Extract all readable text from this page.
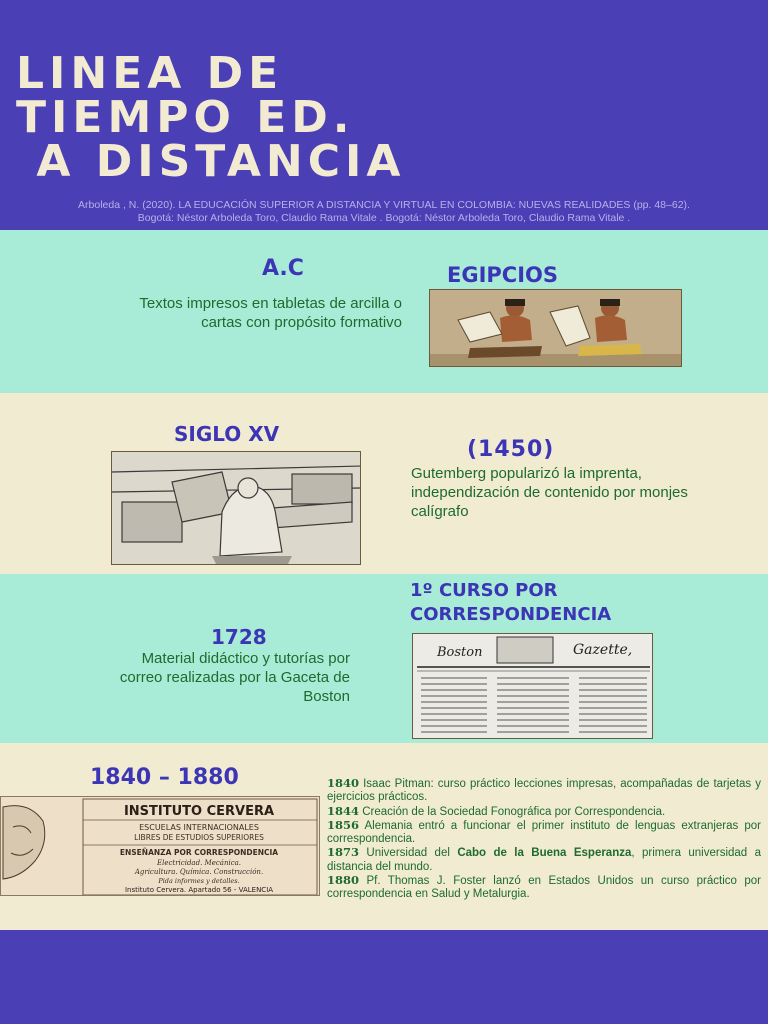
LINEA DE
TIEMPO ED.
A DISTANCIA
Arboleda , N. (2020). LA EDUCACIÓN SUPERIOR A DISTANCIA Y VIRTUAL EN COLOMBIA: NUEVAS REALIDADES (pp. 48–62).
Bogotá: Néstor Arboleda Toro, Claudio Rama Vitale . Bogotá: Néstor Arboleda Toro, Claudio Rama Vitale .
A.C	EGIPCIOS
Textos impresos en tabletas de arcilla o cartas con propósito formativo
SIGLO XV
(1450)
Gutemberg popularizó la imprenta, independización de contenido por monjes calígrafo
1º CURSO POR
CORRESPONDENCIA
1728
Material didáctico y tutorías por correo realizadas por la Gaceta de Boston
Boston	Gazette,
1840 – 1880
INSTITUTO CERVERA
ESCUELAS INTERNACIONALES
LIBRES DE ESTUDIOS SUPERIORES
ENSEÑANZA POR CORRESPONDENCIA
Electricidad. Mecánica.
Agricultura. Química. Construcción.
Pida informes y detalles.
Instituto Cervera. Apartado 56 - VALENCIA
1840 Isaac Pitman: curso práctico lecciones impresas, acompañadas de tarjetas y ejercicios prácticos.
1844 Creación de la Sociedad Fonográfica por Correspondencia.
1856 Alemania entró a funcionar el primer instituto de lenguas extranjeras por correspondencia.
1873 Universidad del Cabo de la Buena Esperanza, primera universidad a distancia del mundo.
1880 Pf. Thomas J. Foster lanzó en Estados Unidos un curso práctico por correspondencia en Salud y Metalurgia.
